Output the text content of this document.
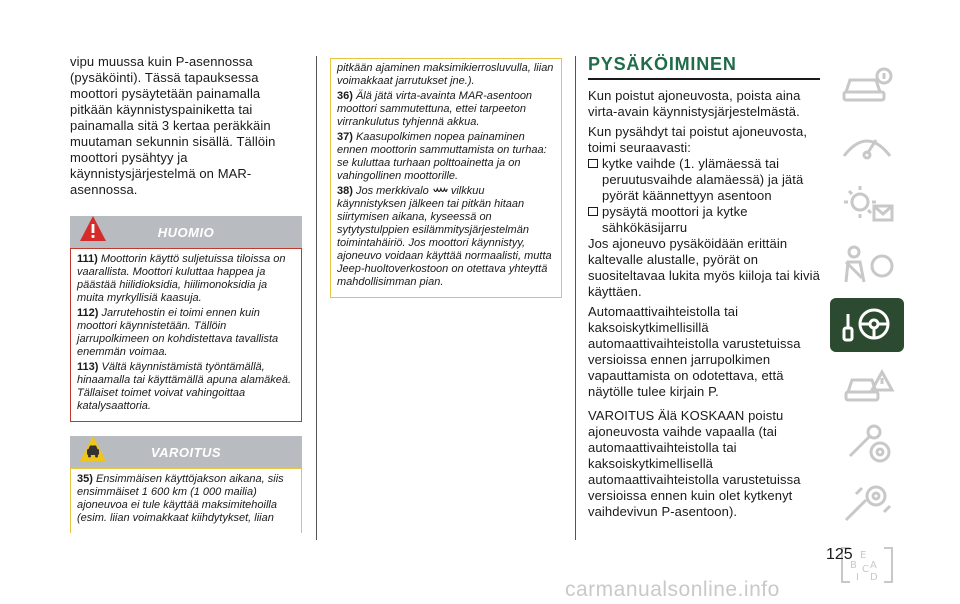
vipu muussa kuin P-asennossa (pysäköinti). Tässä tapauksessa moottori pysäytetään painamalla pitkään käynnistyspainiketta tai painamalla sitä 3 kertaa peräkkäin muutaman sekunnin sisällä. Tällöin moottori pysähtyy ja käynnistysjärjestelmä on MAR-asennossa.
HUOMIO
111) Moottorin käyttö suljetuissa tiloissa on vaarallista. Moottori kuluttaa happea ja päästää hiilidioksidia, hiilimonoksidia ja muita myrkyllisiä kaasuja.
112) Jarrutehostin ei toimi ennen kuin moottori käynnistetään. Tällöin jarrupolkimeen on kohdistettava tavallista enemmän voimaa.
113) Vältä käynnistämistä työntämällä, hinaamalla tai käyttämällä apuna alamäkeä. Tällaiset toimet voivat vahingoittaa katalysaattoria.
VAROITUS
35) Ensimmäisen käyttöjakson aikana, siis ensimmäiset 1 600 km (1 000 mailia) ajoneuvoa ei tule käyttää maksimitehoilla (esim. liian voimakkaat kiihdytykset, liian
pitkään ajaminen maksimikierrosluvulla, liian voimakkaat jarrutukset jne.).
36) Älä jätä virta-avainta MAR-asentoon moottori sammutettuna, ettei tarpeeton virrankulutus tyhjennä akkua.
37) Kaasupolkimen nopea painaminen ennen moottorin sammuttamista on turhaa: se kuluttaa turhaan polttoainetta ja on vahingollinen moottorille.
38) Jos merkkivalo vilkkuu käynnistyksen jälkeen tai pitkän hitaan siirtymisen aikana, kyseessä on sytytystulppien esilämmitysjärjestelmän toimintahäiriö. Jos moottori käynnistyy, ajoneuvo voidaan käyttää normaalisti, mutta Jeep-huoltoverkostoon on otettava yhteyttä mahdollisimman pian.
PYSÄKÖIMINEN

Kun poistut ajoneuvosta, poista aina virta-avain käynnistysjärjestelmästä.

Kun pysähdyt tai poistut ajoneuvosta, toimi seuraavasti:

kytke vaihde (1. ylämäessä tai peruutusvaihde alamäessä) ja jätä pyörät käännettyyn asentoon
pysäytä moottori ja kytke sähkökäsijarru

Jos ajoneuvo pysäköidään erittäin kaltevalle alustalle, pyörät on suositeltavaa lukita myös kiiloja tai kiviä käyttäen.

Automaattivaihteistolla tai kaksoiskytkimellisillä automaattivaihteistolla varustetuissa versioissa ennen jarrupolkimen vapauttamista on odotettava, että näytölle tulee kirjain P.

VAROITUS Älä KOSKAAN poistu ajoneuvosta vaihde vapaalla (tai automaattivaihteistolla tai kaksoiskytkimellisellä automaattivaihteistolla varustetuissa versioissa ennen kuin olet kytkenyt vaihdevivun P-asentoon).

E
B A
I D
C
125
carmanualsonline.info
